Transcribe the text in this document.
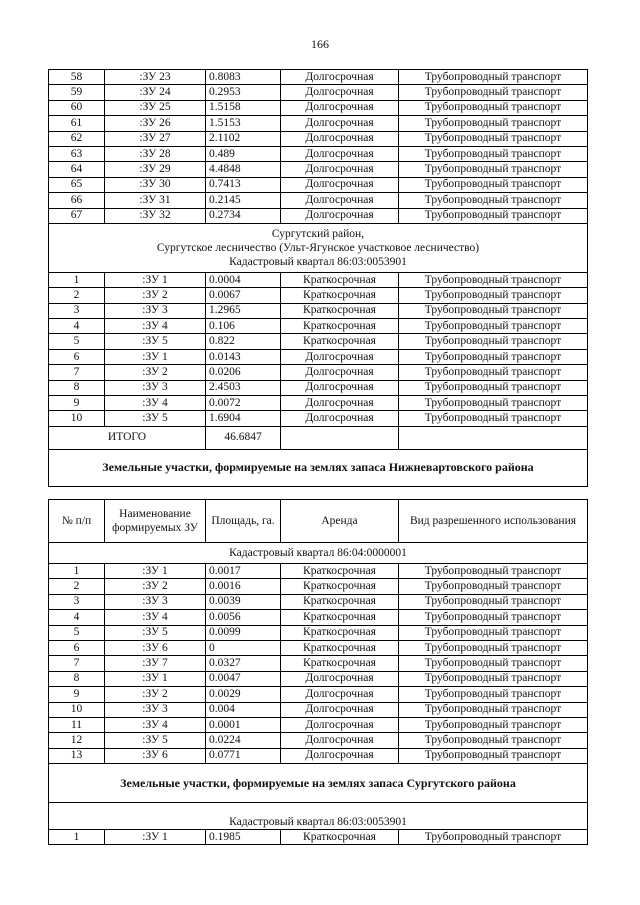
166
58	:ЗУ 23	0.8083	Долгосрочная	Трубопроводный транспорт
59	:ЗУ 24	0.2953	Долгосрочная	Трубопроводный транспорт
60	:ЗУ 25	1.5158	Долгосрочная	Трубопроводный транспорт
61	:ЗУ 26	1.5153	Долгосрочная	Трубопроводный транспорт
62	:ЗУ 27	2.1102	Долгосрочная	Трубопроводный транспорт
63	:ЗУ 28	0.489	Долгосрочная	Трубопроводный транспорт
64	:ЗУ 29	4.4848	Долгосрочная	Трубопроводный транспорт
65	:ЗУ 30	0.7413	Долгосрочная	Трубопроводный транспорт
66	:ЗУ 31	0.2145	Долгосрочная	Трубопроводный транспорт
67	:ЗУ 32	0.2734	Долгосрочная	Трубопроводный транспорт

Сургутский район,
Сургутское лесничество (Ульт-Ягунское участковое лесничество)
Кадастровый квартал 86:03:0053901				

1	:ЗУ 1	0.0004	Краткосрочная	Трубопроводный транспорт
2	:ЗУ 2	0.0067	Краткосрочная	Трубопроводный транспорт
3	:ЗУ 3	1.2965	Краткосрочная	Трубопроводный транспорт
4	:ЗУ 4	0.106	Краткосрочная	Трубопроводный транспорт
5	:ЗУ 5	0.822	Краткосрочная	Трубопроводный транспорт
6	:ЗУ 1	0.0143	Долгосрочная	Трубопроводный транспорт
7	:ЗУ 2	0.0206	Долгосрочная	Трубопроводный транспорт
8	:ЗУ 3	2.4503	Долгосрочная	Трубопроводный транспорт
9	:ЗУ 4	0.0072	Долгосрочная	Трубопроводный транспорт
10	:ЗУ 5	1.6904	Долгосрочная	Трубопроводный транспорт
ИТОГО		46.6847		
Земельные участки, формируемые на землях запаса Нижневартовского района				
№ п/п	Наименование формируемых ЗУ	Площадь, га.	Аренда	Вид разрешенного использования
Кадастровый квартал 86:04:0000001				
1	:ЗУ 1	0.0017	Краткосрочная	Трубопроводный транспорт
2	:ЗУ 2	0.0016	Краткосрочная	Трубопроводный транспорт
3	:ЗУ 3	0.0039	Краткосрочная	Трубопроводный транспорт
4	:ЗУ 4	0.0056	Краткосрочная	Трубопроводный транспорт
5	:ЗУ 5	0.0099	Краткосрочная	Трубопроводный транспорт
6	:ЗУ 6	0	Краткосрочная	Трубопроводный транспорт
7	:ЗУ 7	0.0327	Краткосрочная	Трубопроводный транспорт
8	:ЗУ 1	0.0047	Долгосрочная	Трубопроводный транспорт
9	:ЗУ 2	0.0029	Долгосрочная	Трубопроводный транспорт
10	:ЗУ 3	0.004	Долгосрочная	Трубопроводный транспорт
11	:ЗУ 4	0.0001	Долгосрочная	Трубопроводный транспорт
12	:ЗУ 5	0.0224	Долгосрочная	Трубопроводный транспорт
13	:ЗУ 6	0.0771	Долгосрочная	Трубопроводный транспорт
Земельные участки, формируемые на землях запаса Сургутского района				
Кадастровый квартал 86:03:0053901				
1	:ЗУ 1	0.1985	Краткосрочная	Трубопроводный транспорт
